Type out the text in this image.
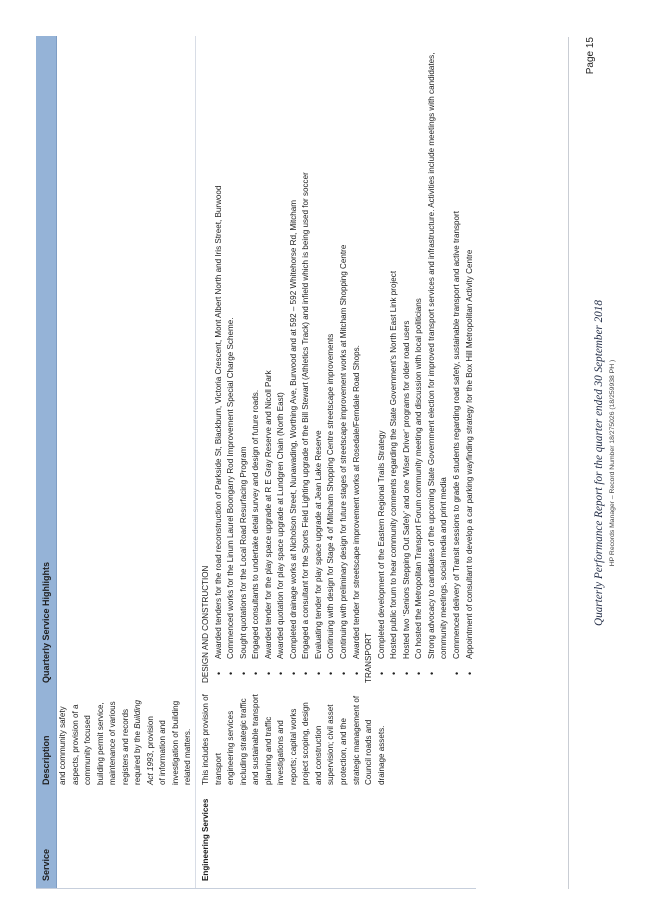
Service
Description
Quarterly Service Highlights
and community safety aspects, provision of a community focused building permit service, maintenance of various registers and records required by the Building Act 1993, provision of information and investigation of building related matters.
Engineering Services
This includes provision of transport engineering services including strategic traffic and sustainable transport planning and traffic investigations and reports; capital works project scoping, design and construction supervision; civil asset protection, and the strategic management of Council roads and drainage assets.
DESIGN AND CONSTRUCTION • Awarded tenders for the road reconstruction of Parkside St, Blackburn, Victoria Crescent, Mont Albert North and Iris Street, Burwood • Commenced works for the Linum Laurel Boongarry Rod Improvement Special Charge Scheme. • Sought quotations for the Local Road Resurfacing Program • Engaged consultants to undertake detail survey and design of future roads. • Awarded tender for the play space upgrade at R E Gray Reserve and Nicoll Park • Awarded quotation for play space upgrade at Lundgren Chain (North East) • Completed drainage works at Nicholson Street, Nunawading, Worthing Ave, Burwood and at 592 – 592 Whitehorse Rd, Mitcham • Engaged a consultant for the Sports Field Lighting upgrade of the Bill Stewart (Athletics Track) and infield which is being used for soccer • Evaluating tender for play space upgrade at Jean Lake Reserve • Continuing with design for Stage 4 of Mitcham Shopping Centre streetscape improvements • Continuing with preliminary design for future stages of streetscape improvement works at Mitcham Shopping Centre • Awarded tender for streetscape improvement works at Rosedale/Ferndale Road Shops. TRANSPORT • Completed development of the Eastern Regional Trails Strategy • Hosted public forum to hear community comments regarding the State Government’s North East Link project • Hosted two ‘Seniors Stepping Out Safely’ and one ‘Wiser Driver’ programs for older road users • Co hosted the Metropolitan Transport Forum community meeting and discussion with local politicians • Strong advocacy to candidates of the upcoming State Government election for improved transport services and infrastructure. Activities include meetings with candidates, community meetings, social media and print media • Commenced delivery of Transit sessions to grade 6 students regarding road safety, sustainable transport and active transport • Appointment of consultant to develop a car parking wayfinding strategy for the Box Hill Metropolitan Activity Centre	Quarterly Performance Report for the quarter ended 30 September 2018 HP Records Manager – Record Number 18/275026 (18/259938 PH )
Page 15
